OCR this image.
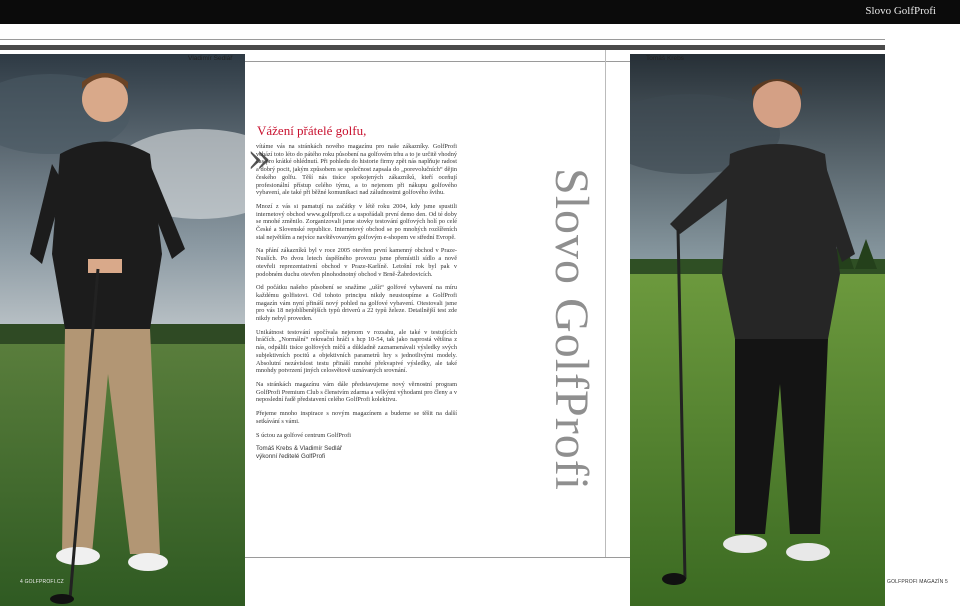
Slovo GolfProfi
Vladimír Sedlář	Tomáš Krebs
Vážení přátelé golfu,
»

vítáme vás na stránkách nového magazínu pro naše zákazníky. GolfProfi vchází toto léto do pátého roku působení na golfovém trhu a to je určitě vhodný čas pro krátké ohlédnutí. Při pohledu do historie firmy zpět nás naplňuje radost a dobrý pocit, jakým způsobem se společnost zapsala do „porevolučních“ dějin českého golfu. Těší nás tisíce spokojených zákazníků, kteří oceňují profesionální přístup celého týmu, a to nejenom při nákupu golfového vybavení, ale také při běžné komunikaci nad záludnostmi golfového švihu.

Mnozí z vás si pamatují na začátky v létě roku 2004, kdy jsme spustili internetový obchod www.golfprofi.cz a uspořádali první demo den. Od té doby se mnohé změnilo. Zorganizovali jsme stovky testování golfových holí po celé České a Slovenské republice. Internetový obchod se po mnohých rozšířeních stal největším a nejvíce navštěvovaným golfovým e-shopem ve střední Evropě.

Na přání zákazníků byl v roce 2005 otevřen první kamenný obchod v Praze-Nuslích. Po dvou letech úspěšného provozu jsme přemístili sídlo a nově otevřeli reprezentativní obchod v Praze-Karlíně. Letošní rok byl pak v podobném duchu otevřen plnohodnotný obchod v Brně-Žabrdovicích.

Od počátku našeho působení se snažíme „ušít“ golfové vybavení na míru každému golfistovi. Od tohoto principu nikdy neustoupíme a GolfProfi magazín vám nyní přináší nový pohled na golfové vybavení. Otestovali jsme pro vás 18 nejoblíbenějších typů driverů a 22 typů železe. Detailnější test zde nikdy nebyl proveden.

Unikátnost testování spočívala nejenom v rozsahu, ale také v testujících hráčích. „Normální“ rekreační hráči s hcp 10-54, tak jako naprostá většina z nás, odpálili tisíce golfových míčů a důkladně zaznamenávali výsledky svých subjektivních pocitů a objektivních parametrů hry s jednotlivými modely. Absolutní nezávislost testu přináší mnohé překvapivé výsledky, ale také mnohdy potvrzení jiných celosvětově uznávaných srovnání.

Na stránkách magazínu vám dále představujeme nový věrnostní program GolfProfi Premium Club s členstvím zdarma a velkými výhodami pro členy a v neposlední řadě představení celého GolfProfi kolektivu.

Přejeme mnoho inspirace s novým magazínem a budeme se těšit na další setkávání s vámi.

S úctou za golfové centrum GolfProfi

Tomáš Krebs & Vladimír Sedlář
výkonní ředitelé GolfProfi	Slovo GolfProfi
4 GOLFPROFI.CZ	GOLFPROFI MAGAZÍN 5
